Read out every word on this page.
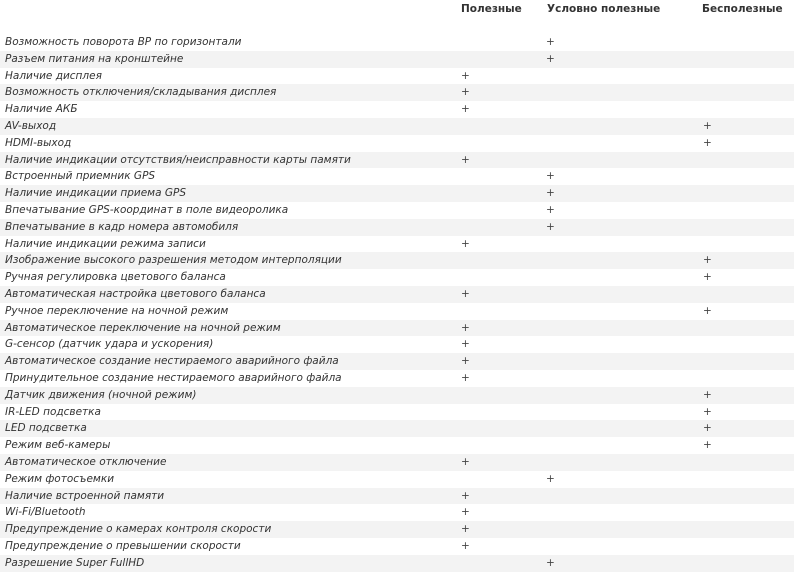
	Полезные	Условно полезные	Бесполезные

Возможность поворота ВР по горизонтали		+	
Разъем питания на кронштейне		+	
Наличие дисплея	+		
Возможность отключения/складывания дисплея	+		
Наличие АКБ	+		
AV-выход			+
HDMI-выход			+
Наличие индикации отсутствия/неисправности карты памяти	+		
Встроенный приемник GPS		+	
Наличие индикации приема GPS		+	
Впечатывание GPS-координат в поле видеоролика		+	
Впечатывание в кадр номера автомобиля		+	
Наличие индикации режима записи	+		
Изображение высокого разрешения методом интерполяции			+
Ручная регулировка цветового баланса			+
Автоматическая настройка цветового баланса	+		
Ручное переключение на ночной режим			+
Автоматическое переключение на ночной режим	+		
G-сенсор (датчик удара и ускорения)	+		
Автоматическое создание нестираемого аварийного файла	+		
Принудительное создание нестираемого аварийного файла	+		
Датчик движения (ночной режим)			+
IR-LED подсветка			+
LED подсветка			+
Режим веб-камеры			+
Автоматическое отключение	+		
Режим фотосъемки		+	
Наличие встроенной памяти	+		
Wi-Fi/Bluetooth	+		
Предупреждение о камерах контроля скорости	+		
Предупреждение о превышении скорости	+		
Разрешение Super FullHD		+	
